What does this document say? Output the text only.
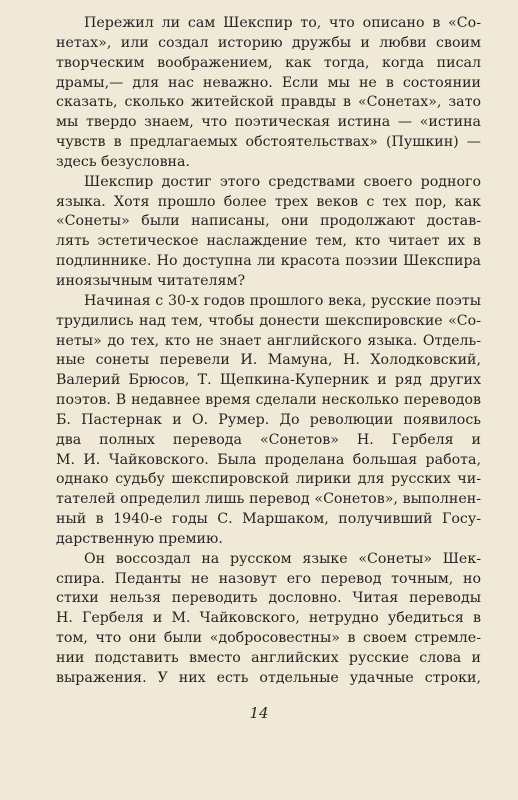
Пережил ли сам Шекспир то, что описано в «Со-
нетах», или создал историю дружбы и любви своим
творческим воображением, как тогда, когда писал
драмы,— для нас неважно. Если мы не в состоянии
сказать, сколько житейской правды в «Сонетах», зато
мы твердо знаем, что поэтическая истина — «истина
чувств в предлагаемых обстоятельствах» (Пушкин) —
здесь безусловна.
Шекспир достиг этого средствами своего родного
языка. Хотя прошло более трех веков с тех пор, как
«Сонеты» были написаны, они продолжают достав-
лять эстетическое наслаждение тем, кто читает их в
подлиннике. Но доступна ли красота поэзии Шекспира
иноязычным читателям?
Начиная с 30-х годов прошлого века, русские поэты
трудились над тем, чтобы донести шекспировские «Со-
неты» до тех, кто не знает английского языка. Отдель-
ные сонеты перевели И. Мамуна, Н. Холодковский,
Валерий Брюсов, Т. Щепкина-Куперник и ряд других
поэтов. В недавнее время сделали несколько переводов
Б. Пастернак и О. Румер. До революции появилось
два полных перевода «Сонетов» Н. Гербеля и
М. И. Чайковского. Была проделана большая работа,
однако судьбу шекспировской лирики для русских чи-
тателей определил лишь перевод «Сонетов», выполнен-
ный в 1940-е годы С. Маршаком, получивший Госу-
дарственную премию.
Он воссоздал на русском языке «Сонеты» Шек-
спира. Педанты не назовут его перевод точным, но
стихи нельзя переводить дословно. Читая переводы
Н. Гербеля и М. Чайковского, нетрудно убедиться в
том, что они были «добросовестны» в своем стремле-
нии подставить вместо английских русские слова и
выражения. У них есть отдельные удачные строки,
14
